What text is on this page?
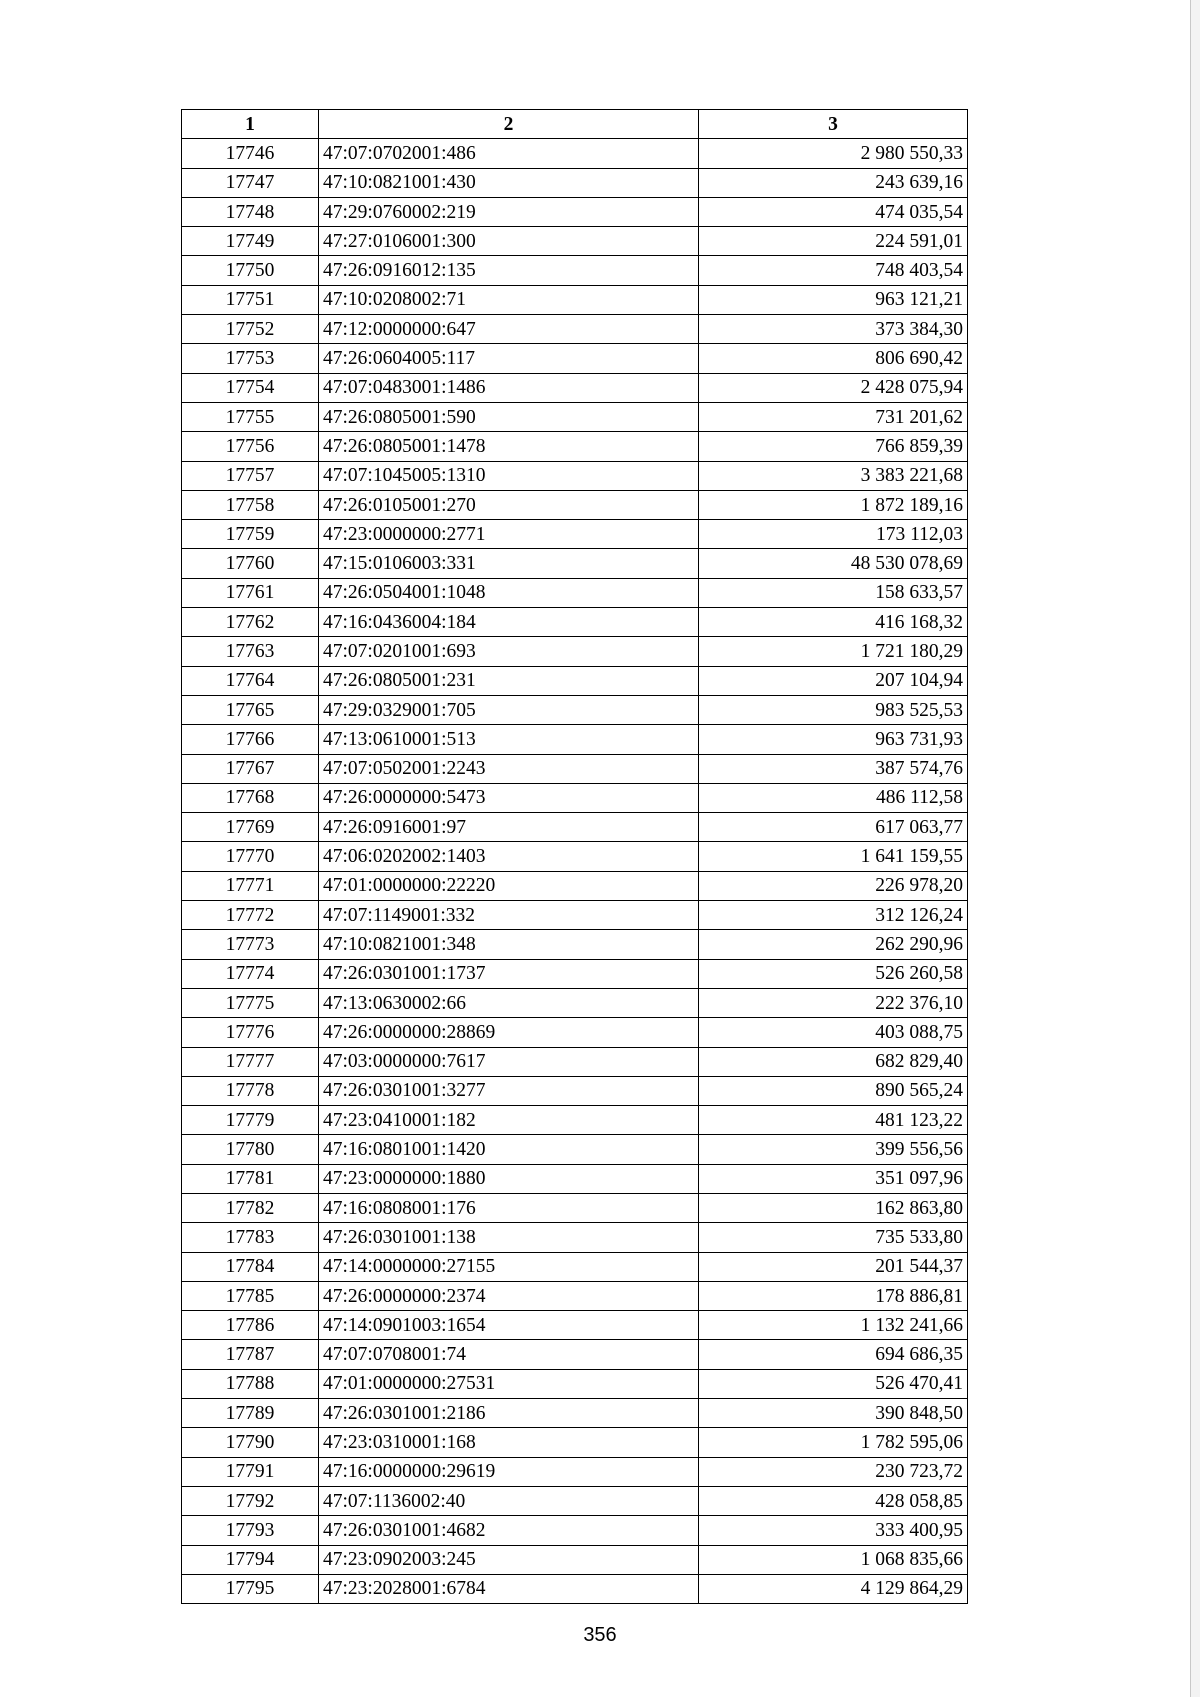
1	2	3
17746	47:07:0702001:486	2 980 550,33
17747	47:10:0821001:430	243 639,16
17748	47:29:0760002:219	474 035,54
17749	47:27:0106001:300	224 591,01
17750	47:26:0916012:135	748 403,54
17751	47:10:0208002:71	963 121,21
17752	47:12:0000000:647	373 384,30
17753	47:26:0604005:117	806 690,42
17754	47:07:0483001:1486	2 428 075,94
17755	47:26:0805001:590	731 201,62
17756	47:26:0805001:1478	766 859,39
17757	47:07:1045005:1310	3 383 221,68
17758	47:26:0105001:270	1 872 189,16
17759	47:23:0000000:2771	173 112,03
17760	47:15:0106003:331	48 530 078,69
17761	47:26:0504001:1048	158 633,57
17762	47:16:0436004:184	416 168,32
17763	47:07:0201001:693	1 721 180,29
17764	47:26:0805001:231	207 104,94
17765	47:29:0329001:705	983 525,53
17766	47:13:0610001:513	963 731,93
17767	47:07:0502001:2243	387 574,76
17768	47:26:0000000:5473	486 112,58
17769	47:26:0916001:97	617 063,77
17770	47:06:0202002:1403	1 641 159,55
17771	47:01:0000000:22220	226 978,20
17772	47:07:1149001:332	312 126,24
17773	47:10:0821001:348	262 290,96
17774	47:26:0301001:1737	526 260,58
17775	47:13:0630002:66	222 376,10
17776	47:26:0000000:28869	403 088,75
17777	47:03:0000000:7617	682 829,40
17778	47:26:0301001:3277	890 565,24
17779	47:23:0410001:182	481 123,22
17780	47:16:0801001:1420	399 556,56
17781	47:23:0000000:1880	351 097,96
17782	47:16:0808001:176	162 863,80
17783	47:26:0301001:138	735 533,80
17784	47:14:0000000:27155	201 544,37
17785	47:26:0000000:2374	178 886,81
17786	47:14:0901003:1654	1 132 241,66
17787	47:07:0708001:74	694 686,35
17788	47:01:0000000:27531	526 470,41
17789	47:26:0301001:2186	390 848,50
17790	47:23:0310001:168	1 782 595,06
17791	47:16:0000000:29619	230 723,72
17792	47:07:1136002:40	428 058,85
17793	47:26:0301001:4682	333 400,95
17794	47:23:0902003:245	1 068 835,66
17795	47:23:2028001:6784	4 129 864,29
356
